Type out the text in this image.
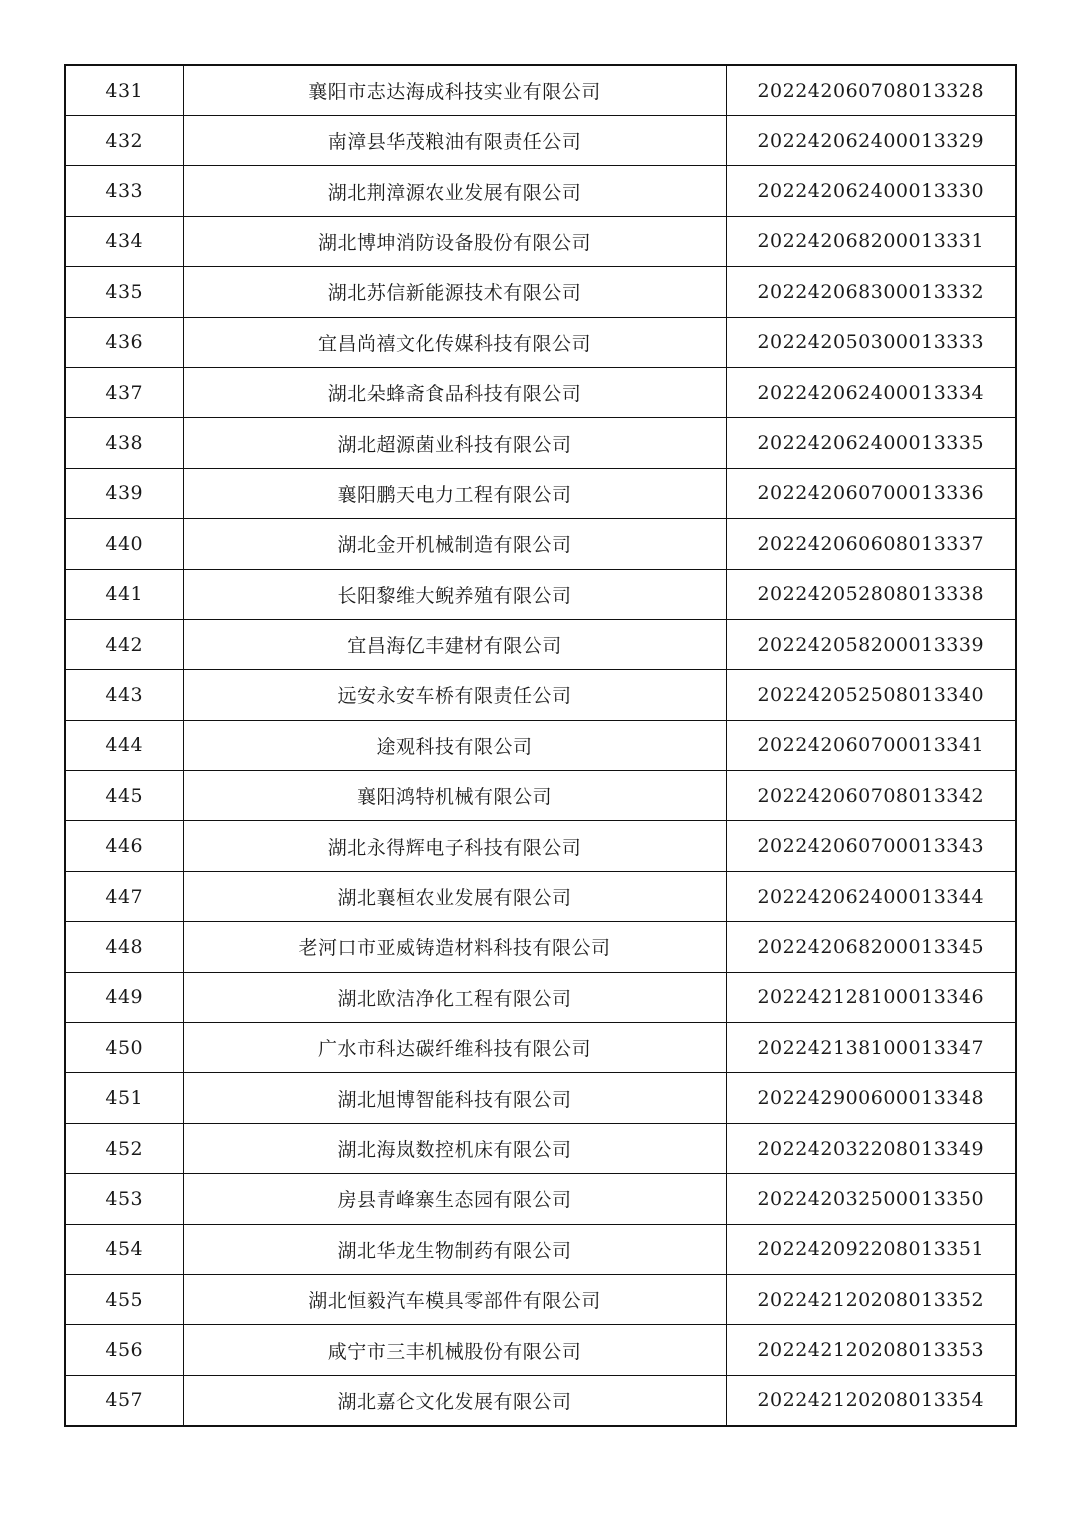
431	襄阳市志达海成科技实业有限公司	202242060708013328
432	南漳县华茂粮油有限责任公司	202242062400013329
433	湖北荆漳源农业发展有限公司	202242062400013330
434	湖北博坤消防设备股份有限公司	202242068200013331
435	湖北苏信新能源技术有限公司	202242068300013332
436	宜昌尚禧文化传媒科技有限公司	202242050300013333
437	湖北朵蜂斋食品科技有限公司	202242062400013334
438	湖北超源菌业科技有限公司	202242062400013335
439	襄阳鹏天电力工程有限公司	202242060700013336
440	湖北金开机械制造有限公司	202242060608013337
441	长阳黎维大鲵养殖有限公司	202242052808013338
442	宜昌海亿丰建材有限公司	202242058200013339
443	远安永安车桥有限责任公司	202242052508013340
444	途观科技有限公司	202242060700013341
445	襄阳鸿特机械有限公司	202242060708013342
446	湖北永得辉电子科技有限公司	202242060700013343
447	湖北襄桓农业发展有限公司	202242062400013344
448	老河口市亚威铸造材料科技有限公司	202242068200013345
449	湖北欧洁净化工程有限公司	202242128100013346
450	广水市科达碳纤维科技有限公司	202242138100013347
451	湖北旭博智能科技有限公司	202242900600013348
452	湖北海岚数控机床有限公司	202242032208013349
453	房县青峰寨生态园有限公司	202242032500013350
454	湖北华龙生物制药有限公司	202242092208013351
455	湖北恒毅汽车模具零部件有限公司	202242120208013352
456	咸宁市三丰机械股份有限公司	202242120208013353
457	湖北嘉仑文化发展有限公司	202242120208013354
